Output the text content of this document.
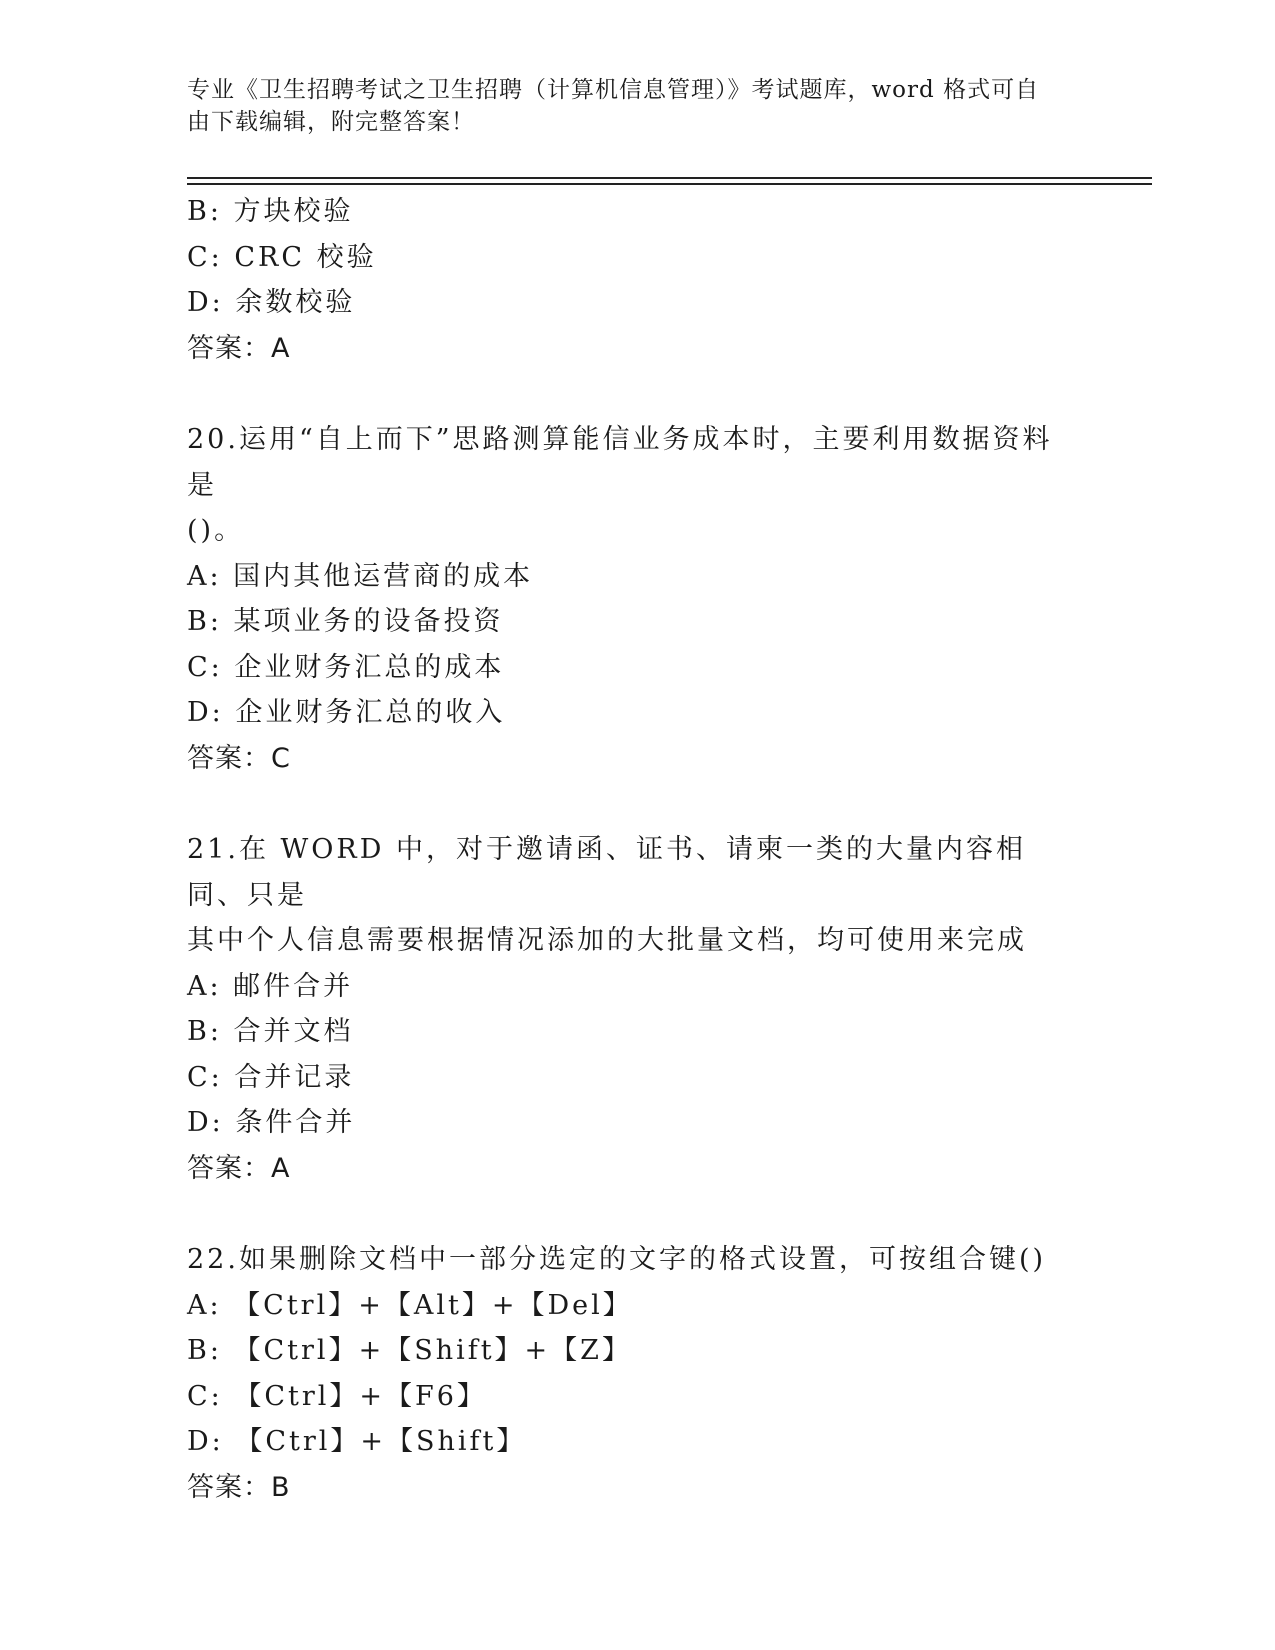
专业《卫生招聘考试之卫生招聘（计算机信息管理）》考试题库，word 格式可自
由下载编辑，附完整答案！
B: 方块校验
C: CRC 校验
D: 余数校验
答案：A
20.运用“自上而下”思路测算能信业务成本时，主要利用数据资料是
()。
A: 国内其他运营商的成本
B: 某项业务的设备投资
C: 企业财务汇总的成本
D: 企业财务汇总的收入
答案：C
21.在 WORD 中，对于邀请函、证书、请柬一类的大量内容相同、只是
其中个人信息需要根据情况添加的大批量文档，均可使用来完成
A: 邮件合并
B: 合并文档
C: 合并记录
D: 条件合并
答案：A
22.如果删除文档中一部分选定的文字的格式设置，可按组合键()
A: 【Ctrl】+【Alt】+【Del】
B: 【Ctrl】+【Shift】+【Z】
C: 【Ctrl】+【F6】
D: 【Ctrl】+【Shift】
答案：B
